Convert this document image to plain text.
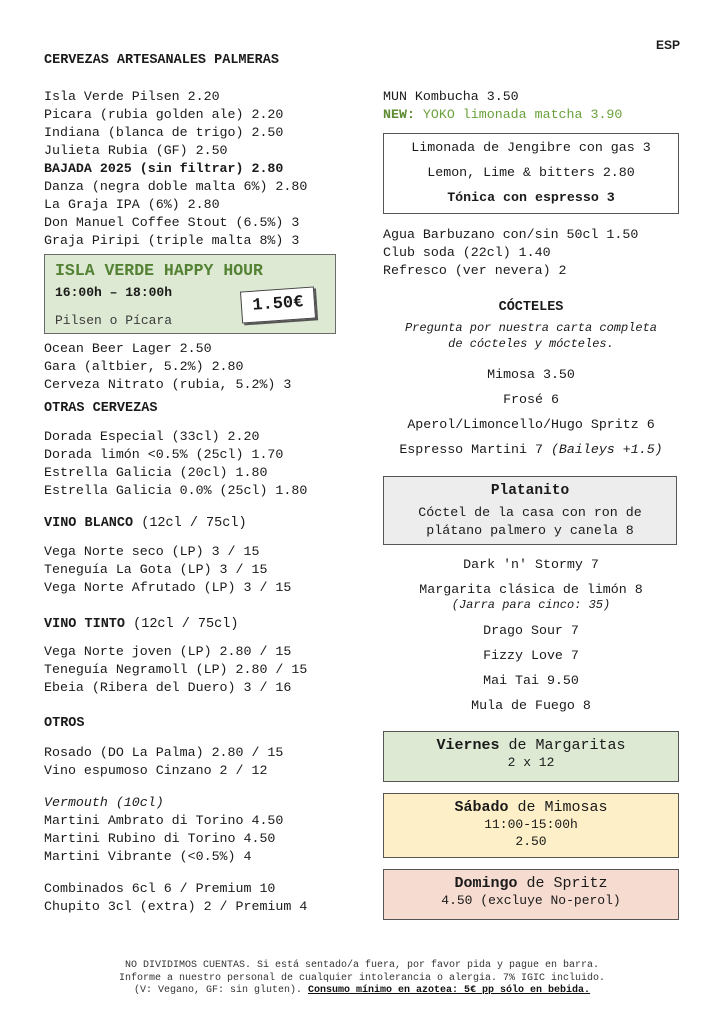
ESP
CERVEZAS ARTESANALES PALMERAS
Isla Verde Pilsen 2.20
Picara (rubia golden ale) 2.20
Indiana (blanca de trigo) 2.50
Julieta Rubia (GF) 2.50
BAJADA 2025 (sin filtrar) 2.80
Danza (negra doble malta 6%) 2.80
La Graja IPA (6%) 2.80
Don Manuel Coffee Stout (6.5%) 3
Graja Piripi (triple malta 8%) 3
ISLA VERDE HAPPY HOUR
16:00h – 18:00h
Pilsen o Pícara
1.50€
Ocean Beer Lager 2.50
Gara (altbier, 5.2%) 2.80
Cerveza Nitrato (rubia, 5.2%) 3
OTRAS CERVEZAS
Dorada Especial (33cl) 2.20
Dorada limón <0.5% (25cl) 1.70
Estrella Galicia (20cl) 1.80
Estrella Galicia 0.0% (25cl) 1.80
VINO BLANCO (12cl / 75cl)
Vega Norte seco (LP) 3 / 15
Teneguía La Gota (LP) 3 / 15
Vega Norte Afrutado (LP) 3 / 15
VINO TINTO (12cl / 75cl)
Vega Norte joven (LP) 2.80 / 15
Teneguía Negramoll (LP) 2.80 / 15
Ebeia (Ribera del Duero) 3 / 16
OTROS
Rosado (DO La Palma) 2.80 / 15
Vino espumoso Cinzano 2 / 12
Vermouth (10cl)
Martini Ambrato di Torino 4.50
Martini Rubino di Torino 4.50
Martini Vibrante (<0.5%) 4
Combinados 6cl 6 / Premium 10
Chupito 3cl (extra) 2 / Premium 4
MUN Kombucha 3.50
NEW: YOKO limonada matcha 3.90
Limonada de Jengibre con gas 3
Lemon, Lime & bitters 2.80
Tónica con espresso 3
Agua Barbuzano con/sin 50cl 1.50
Club soda (22cl) 1.40
Refresco (ver nevera) 2
CÓCTELES
Pregunta por nuestra carta completa
de cócteles y mócteles.
Mimosa 3.50
Frosé 6
Aperol/Limoncello/Hugo Spritz 6
Espresso Martini 7 (Baileys +1.5)
Platanito
Cóctel de la casa con ron de
plátano palmero y canela 8
Dark 'n' Stormy 7
Margarita clásica de limón 8
(Jarra para cinco: 35)
Drago Sour 7
Fizzy Love 7
Mai Tai 9.50
Mula de Fuego 8
Viernes de Margaritas
2 x 12
Sábado de Mimosas
11:00-15:00h
2.50
Domingo de Spritz
4.50 (excluye No-perol)
NO DIVIDIMOS CUENTAS. Si está sentado/a fuera, por favor pida y pague en barra.
Informe a nuestro personal de cualquier intolerancia o alergia. 7% IGIC incluido.
(V: Vegano, GF: sin gluten). Consumo mínimo en azotea: 5€ pp sólo en bebida.
